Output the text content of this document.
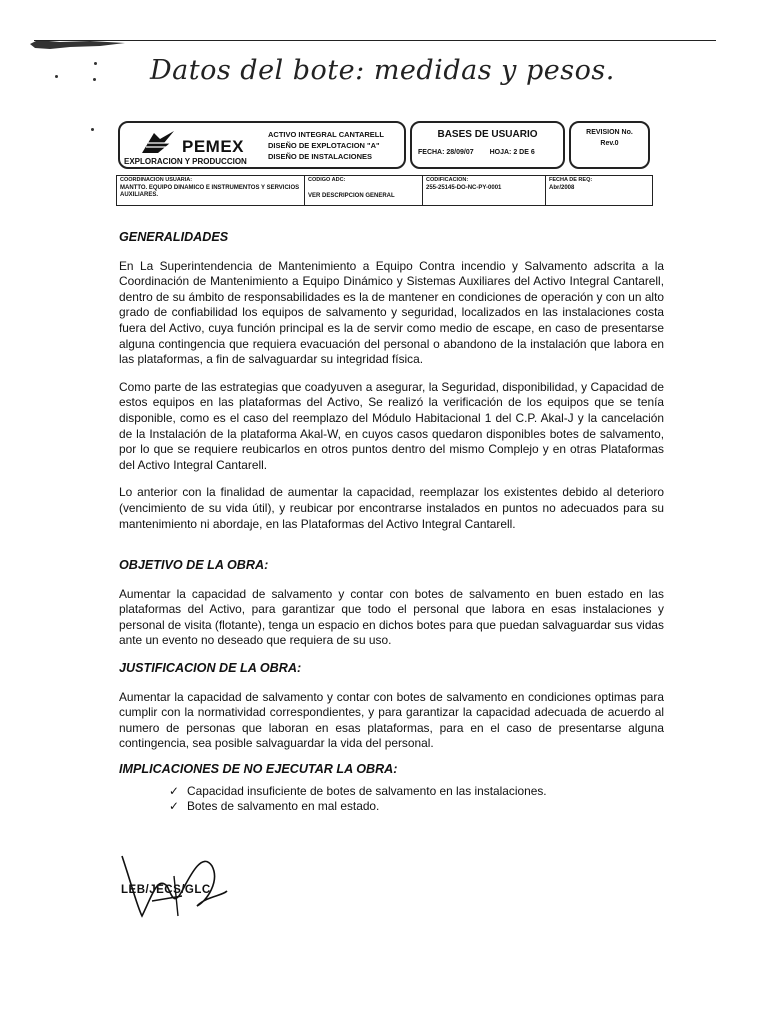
Datos del bote: medidas y pesos.
PEMEX
EXPLORACION Y PRODUCCION
ACTIVO INTEGRAL CANTARELL
DISEÑO DE EXPLOTACION "A"
DISEÑO DE INSTALACIONES
BASES DE USUARIO
FECHA: 28/09/07 HOJA: 2 DE 6
REVISION No.
Rev.0
COORDINACION USUARIA:
MANTTO. EQUIPO DINAMICO E INSTRUMENTOS Y SERVICIOS AUXILIARES.
CODIGO ADC:
VER DESCRIPCION GENERAL
CODIFICACION:
255-25145-DO-NC-PY-0001
FECHA DE REQ:
Abr/2008
GENERALIDADES

En La Superintendencia de Mantenimiento a Equipo Contra incendio y Salvamento adscrita a la Coordinación de Mantenimiento a Equipo Dinámico y Sistemas Auxiliares del Activo Integral Cantarell, dentro de su ámbito de responsabilidades es la de mantener en condiciones de operación y con un alto grado de confiabilidad los equipos de salvamento y seguridad, localizados en las instalaciones costa fuera del Activo, cuya función principal es la de servir como medio de escape, en caso de presentarse alguna contingencia que requiera evacuación del personal o abandono de la instalación que labora en las plataformas, a fin de salvaguardar su integridad física.

Como parte de las estrategias que coadyuven a asegurar, la Seguridad, disponibilidad, y Capacidad de estos equipos en las plataformas del Activo, Se realizó la verificación de los equipos que se tenía disponible, como es el caso del reemplazo del Módulo Habitacional 1 del C.P. Akal-J y la cancelación de la Instalación de la plataforma Akal-W, en cuyos casos quedaron disponibles botes de salvamento, por lo que se requiere reubicarlos en otros puntos dentro del mismo Complejo y en otras Plataformas del Activo Integral Cantarell.

Lo anterior con la finalidad de aumentar la capacidad, reemplazar los existentes debido al deterioro (vencimiento de su vida útil), y reubicar por encontrarse instalados en puntos no adecuados para su mantenimiento ni abordaje, en las Plataformas del Activo Integral Cantarell.

OBJETIVO DE LA OBRA:

Aumentar la capacidad de salvamento y contar con botes de salvamento en buen estado en las plataformas del Activo, para garantizar que todo el personal que labora en esas instalaciones y personal de visita (flotante), tenga un espacio en dichos botes para que puedan salvaguardar sus vidas ante un evento no deseado que requiera de su uso.

JUSTIFICACION DE LA OBRA:

Aumentar la capacidad de salvamento y contar con botes de salvamento en condiciones optimas para cumplir con la normatividad correspondientes, y para garantizar la capacidad adecuada de acuerdo al numero de personas que laboran en esas plataformas, para en el caso de presentarse alguna contingencia, sea posible salvaguardar la vida del personal.

IMPLICACIONES DE NO EJECUTAR LA OBRA:
✓ Capacidad insuficiente de botes de salvamento en las instalaciones.
✓ Botes de salvamento en mal estado.
LEB/JECS/GLC
